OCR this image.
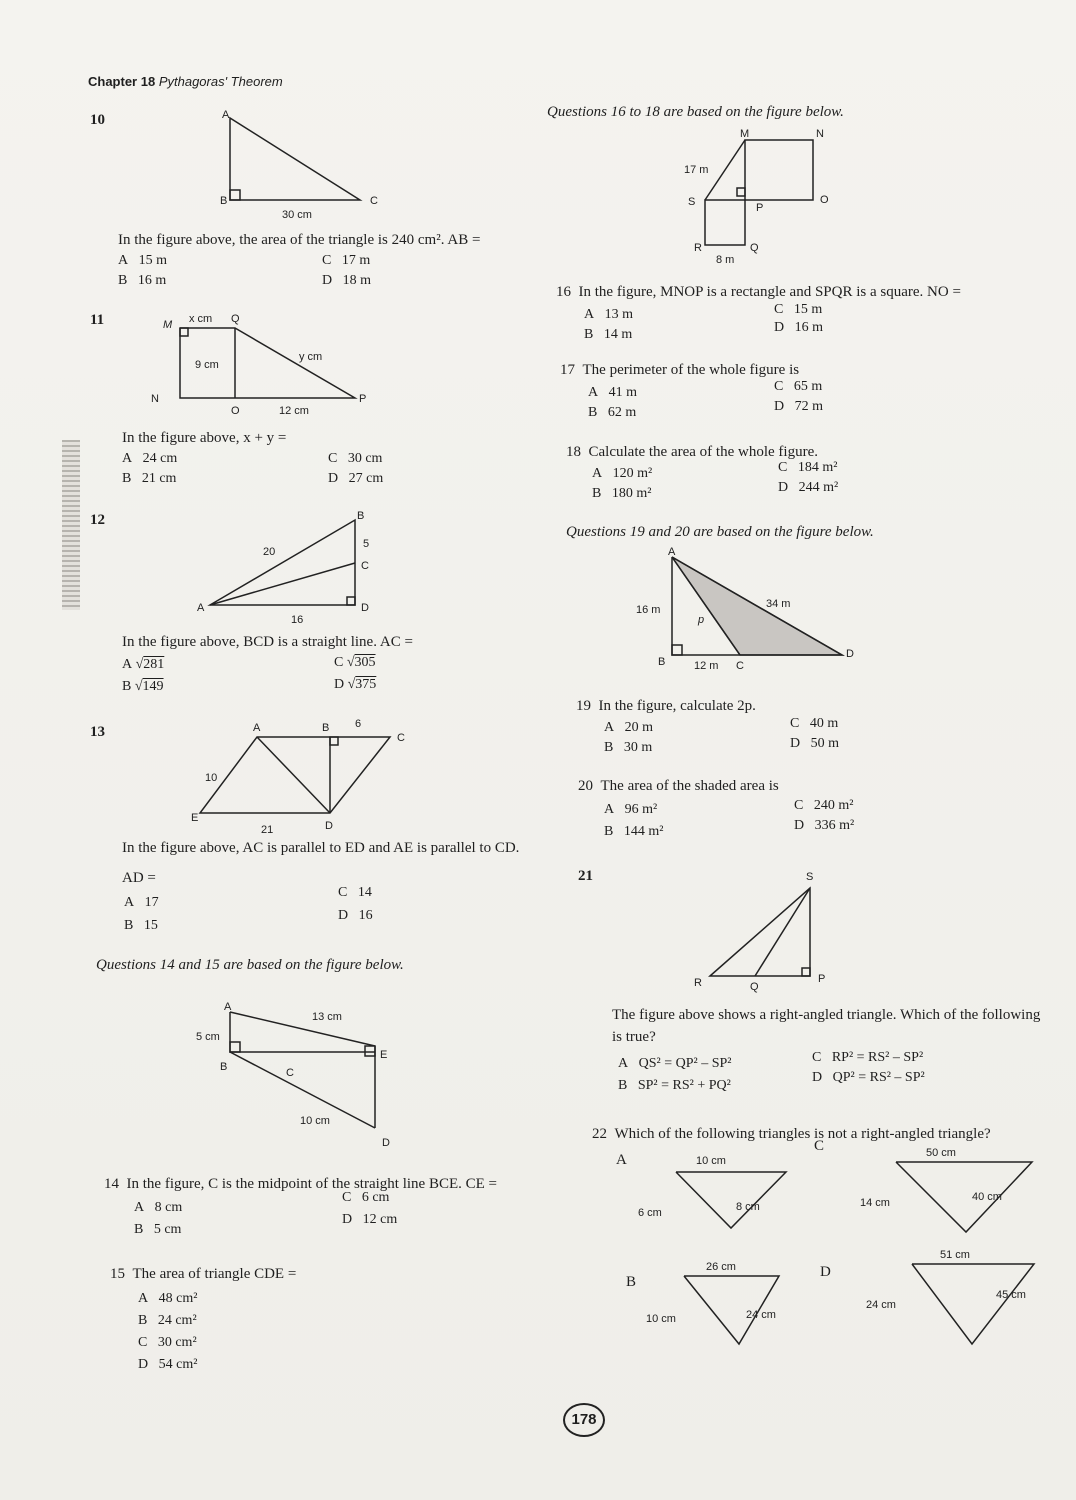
Chapter 18 Pythagoras' Theorem
10	A
B	C
30 cm
In the figure above, the area of the triangle is 240 cm². AB =
A   15 m
B   16 m
C   17 m
D   18 m
11	M	Q
x cm
9 cm
y cm
N
O
P
12 cm
In the figure above, x + y =
A   24 cm
B   21 cm
C   30 cm
D   27 cm
12	B
C
D
A
20
5
16
In the figure above, BCD is a straight line. AC =
A √281
B √149
C √305
D √375
13	A	B 6
C
10
E
21	D
In the figure above, AC is parallel to ED and AE is parallel to CD.
AD =
A   17
B   15
C   14
D   16
Questions 14 and 15 are based on the figure below.
A
5 cm
13 cm
B	C
E
10 cm
D
14 In the figure, C is the midpoint of the straight line BCE. CE =
A   8 cm
B   5 cm
C   6 cm
D   12 cm
15 The area of triangle CDE =
A   48 cm²
B   24 cm²
C   30 cm²
D   54 cm²
Questions 16 to 18 are based on the figure below.
M	N
17 m
S	P
O
R	Q
8 m
16 In the figure, MNOP is a rectangle and SPQR is a square. NO =
A   13 m
B   14 m
C   15 m
D   16 m
17 The perimeter of the whole figure is
A   41 m
B   62 m
C   65 m
D   72 m
18 Calculate the area of the whole figure.
A   120 m²
B   180 m²
C   184 m²
D   244 m²
Questions 19 and 20 are based on the figure below.
A
16 m	34 m
p
B	12 m C
D
19 In the figure, calculate 2p.
A   20 m
B   30 m
C   40 m
D   50 m
20 The area of the shaded area is
A   96 m²
B   144 m²
C   240 m²
D   336 m²
21	S
R	Q
P
The figure above shows a right-angled triangle. Which of the following is true?
A   QS² = QP² – SP²
B   SP² = RS² + PQ²
C   RP² = RS² – SP²
D   QP² = RS² – SP²
22 Which of the following triangles is not a right-angled triangle?
A	10 cm
6 cm	8 cm
C	50 cm
14 cm	40 cm
B
26 cm
10 cm	24 cm
D
51 cm
24 cm
45 cm
178
